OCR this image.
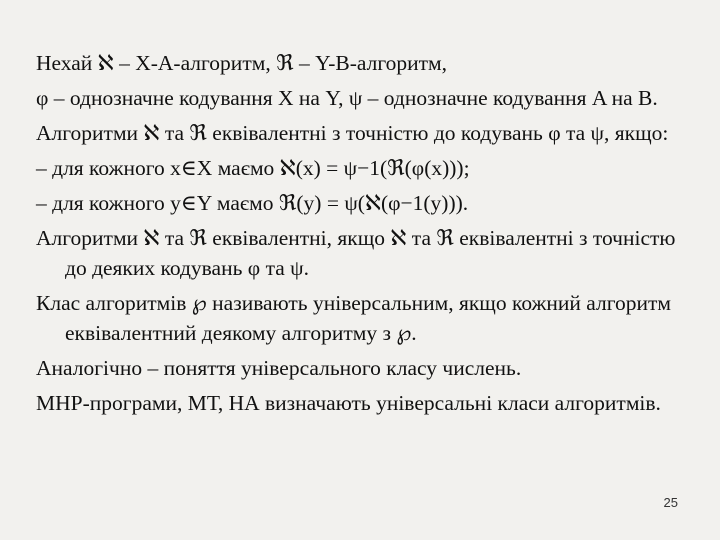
Нехай ℵ – X-A-алгоритм, ℜ – Y-B-алгоритм,

φ – однозначне кодування X на Y, ψ – однозначне кодування A на B.

Алгоритми ℵ та ℜ еквівалентні з точністю до кодувань φ та ψ, якщо:

– для кожного x∈X маємо ℵ(x) = ψ−1(ℜ(φ(x)));

– для кожного y∈Y маємо ℜ(y) = ψ(ℵ(φ−1(y))).

Алгоритми ℵ та ℜ еквівалентні, якщо ℵ та ℜ еквівалентні з точністю до деяких кодувань φ та ψ.

Клас алгоритмів ℘ називають універсальним, якщо кожний алгоритм еквівалентний деякому алгоритму з ℘.

Аналогічно – поняття універсального класу числень.

МНР-програми, МТ, НА визначають універсальні класи алгоритмів.

25
